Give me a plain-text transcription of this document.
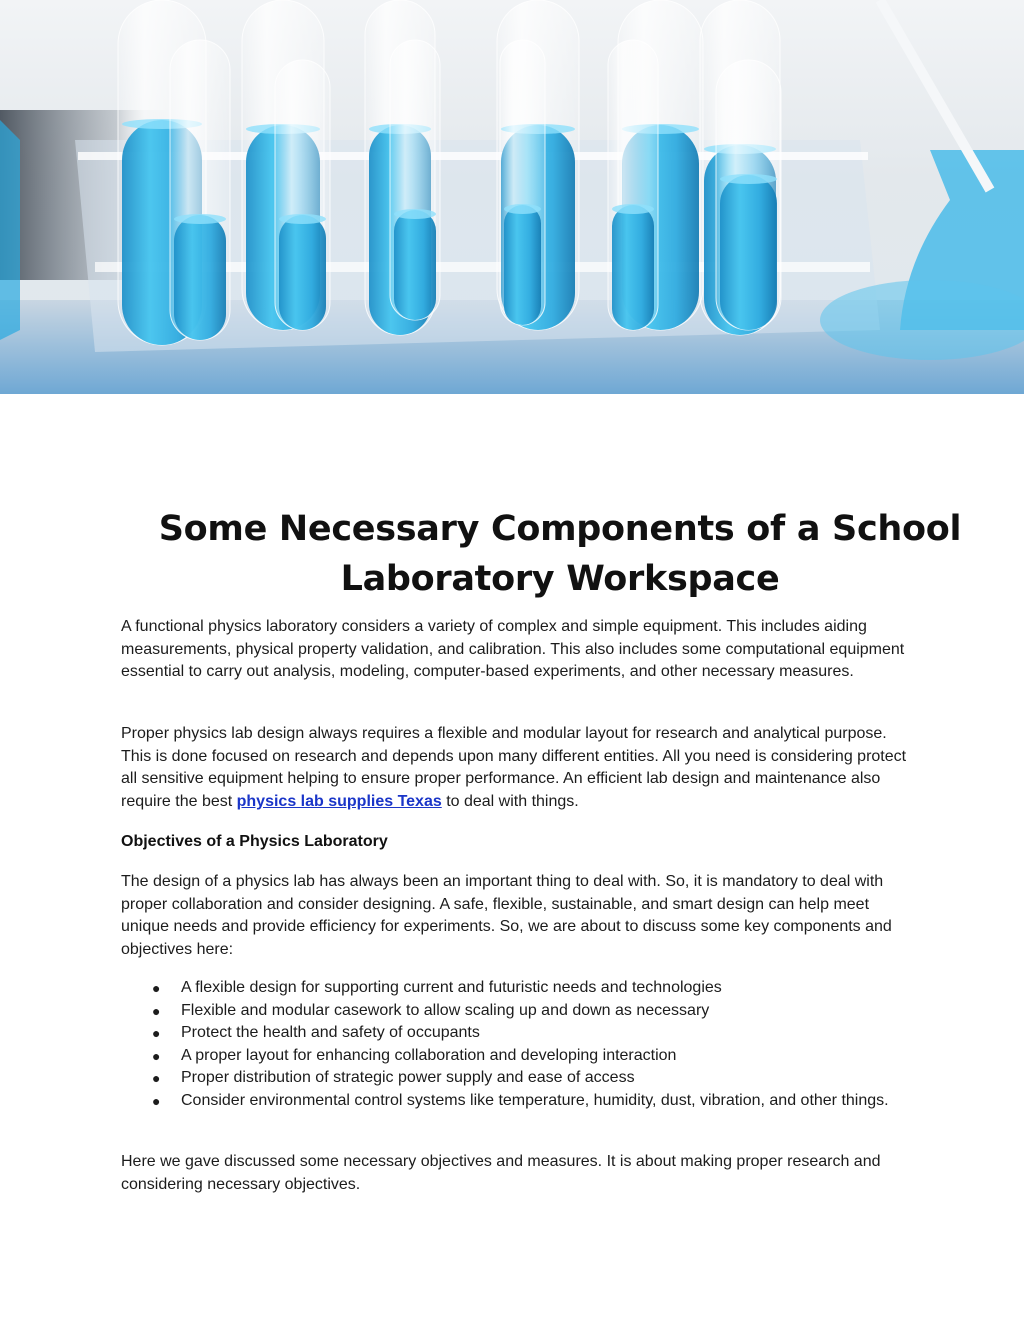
Some Necessary Components of a School Laboratory Workspace

A functional physics laboratory considers a variety of complex and simple equipment. This includes aiding measurements, physical property validation, and calibration. This also includes some computational equipment essential to carry out analysis, modeling, computer-based experiments, and other necessary measures.

Proper physics lab design always requires a flexible and modular layout for research and analytical purpose. This is done focused on research and depends upon many different entities. All you need is considering protect all sensitive equipment helping to ensure proper performance. An efficient lab design and maintenance also require the best physics lab supplies Texas to deal with things.

Objectives of a Physics Laboratory

The design of a physics lab has always been an important thing to deal with. So, it is mandatory to deal with proper collaboration and consider designing. A safe, flexible, sustainable, and smart design can help meet unique needs and provide efficiency for experiments. So, we are about to discuss some key components and objectives here:

● A flexible design for supporting current and futuristic needs and technologies
● Flexible and modular casework to allow scaling up and down as necessary
● Protect the health and safety of occupants
● A proper layout for enhancing collaboration and developing interaction
● Proper distribution of strategic power supply and ease of access
● Consider environmental control systems like temperature, humidity, dust, vibration, and other things.

Here we gave discussed some necessary objectives and measures. It is about making proper research and considering necessary objectives.
